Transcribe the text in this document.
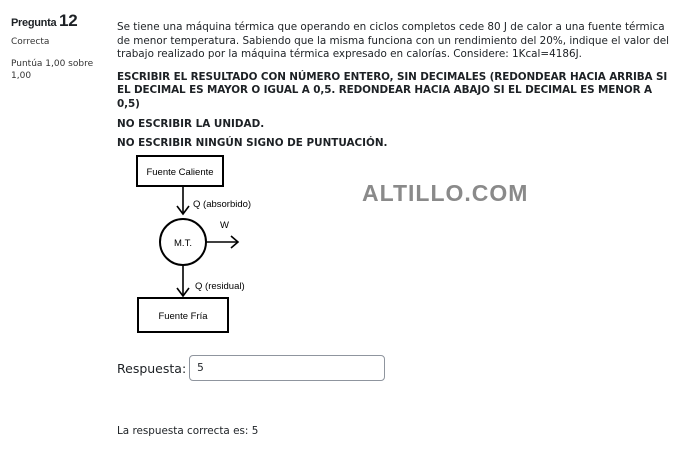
Pregunta 12
Correcta
Puntúa 1,00 sobre 1,00
Se tiene una máquina térmica que operando en ciclos completos cede 80 J de calor a una fuente térmica de menor temperatura. Sabiendo que la misma funciona con un rendimiento del 20%, indique el valor del trabajo realizado por la máquina térmica expresado en calorías. Considere: 1Kcal=4186J.
ESCRIBIR EL RESULTADO CON NÚMERO ENTERO, SIN DECIMALES (REDONDEAR HACIA ARRIBA SI EL DECIMAL ES MAYOR O IGUAL A 0,5. REDONDEAR HACIA ABAJO SI EL DECIMAL ES MENOR A 0,5)
NO ESCRIBIR LA UNIDAD.
NO ESCRIBIR NINGÚN SIGNO DE PUNTUACIÓN.
Fuente Caliente
Q (absorbido)
M.T.
W
Q (residual)
Fuente Fría
ALTILLO.COM
Respuesta:
5
La respuesta correcta es: 5
